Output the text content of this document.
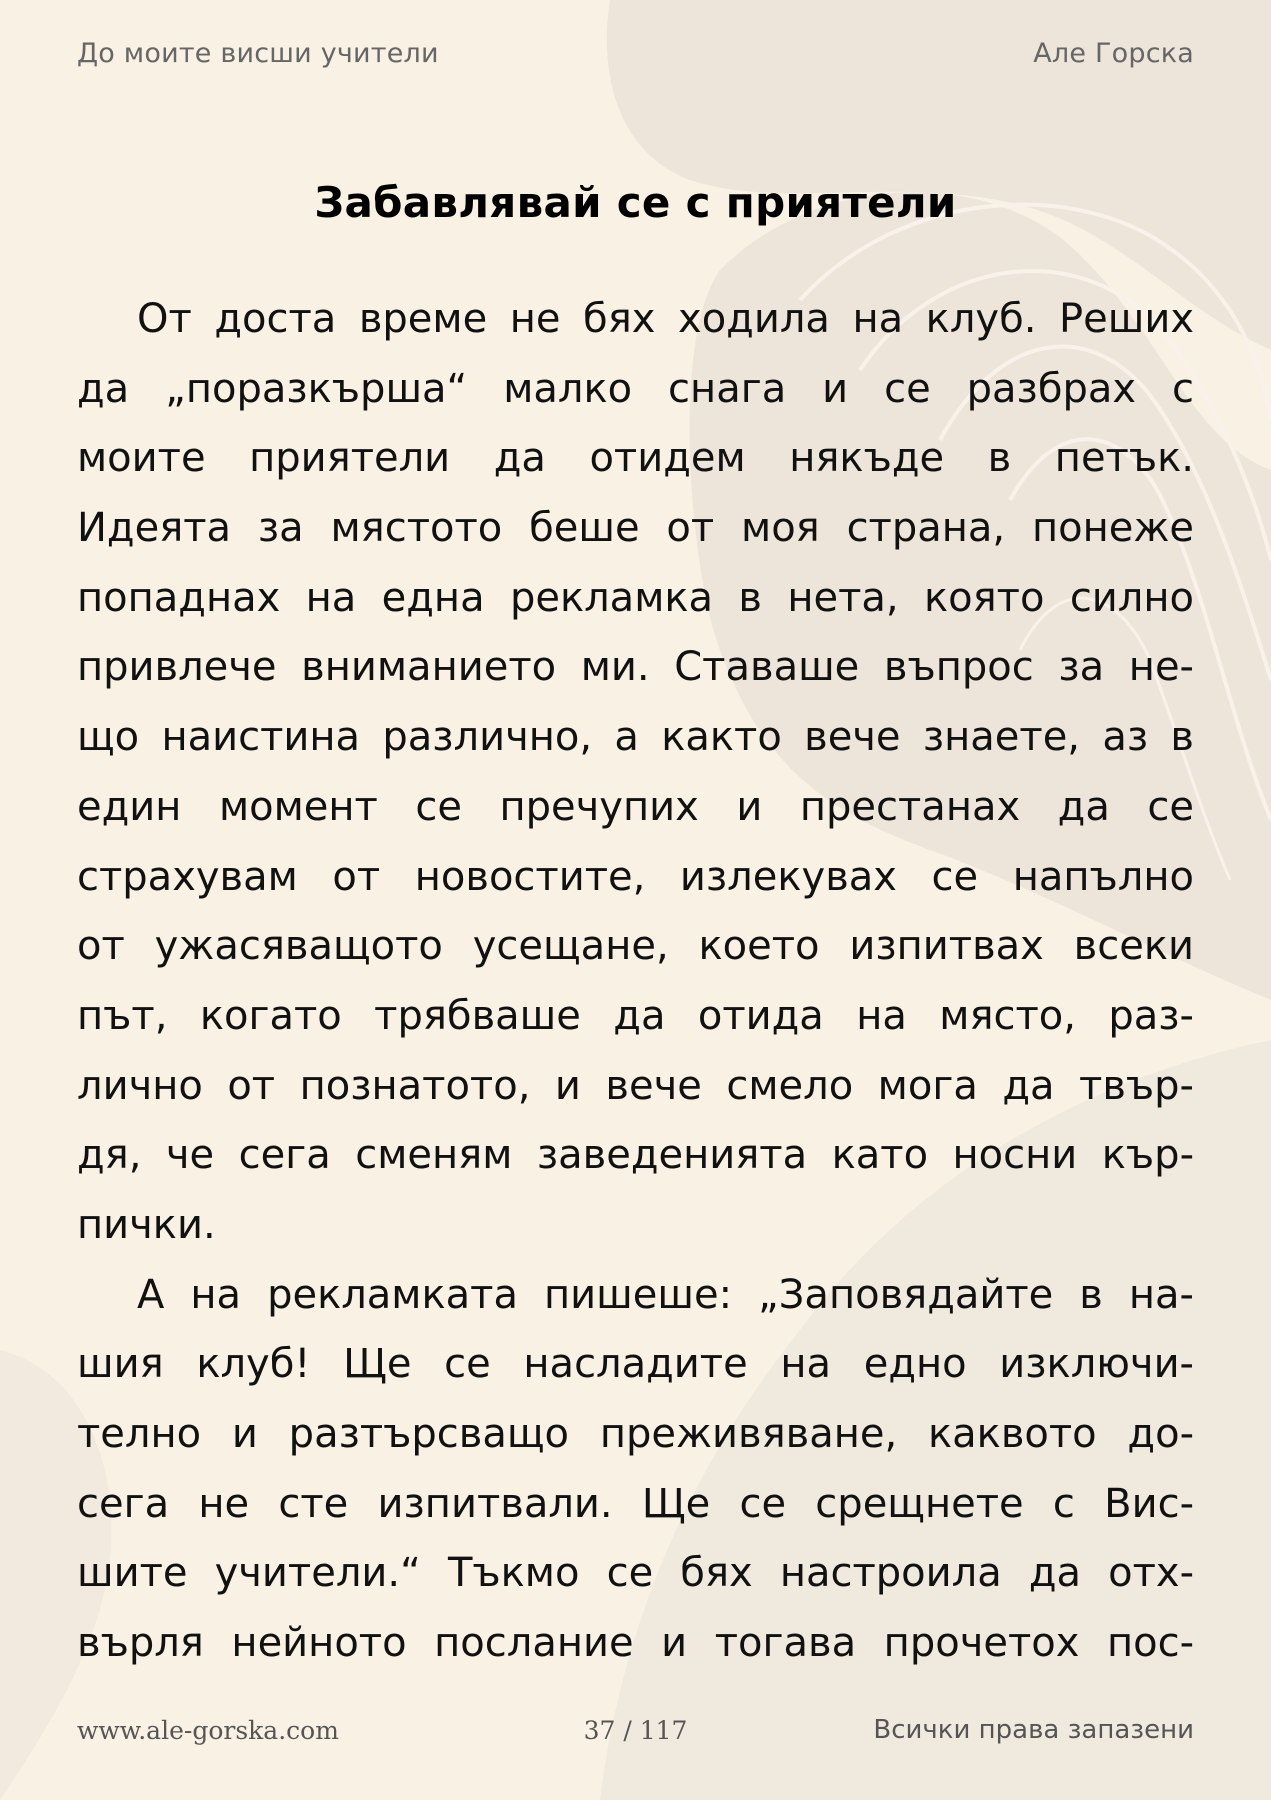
До моите висши учители	Але Горска
Забавлявай се с приятели
От доста време не бях ходила на клуб. Реших
да „поразкърша“ малко снага и се разбрах с
моите приятели да отидем някъде в петък.
Идеята за мястото беше от моя страна, понеже
попаднах на една рекламка в нета, която силно
привлече вниманието ми. Ставаше въпрос за не-
що наистина различно, а както вече знаете, аз в
един момент се пречупих и престанах да се
страхувам от новостите, излекувах се напълно
от ужасяващото усещане, което изпитвах всеки
път, когато трябваше да отида на място, раз-
лично от познатото, и вече смело мога да твър-
дя, че сега сменям заведенията като носни кър-
пички.
А на рекламката пишеше: „Заповядайте в на-
шия клуб! Ще се насладите на едно изключи-
телно и разтърсващо преживяване, каквото до-
сега не сте изпитвали. Ще се срещнете с Вис-
шите учители.“ Тъкмо се бях настроила да отх-
върля нейното послание и тогава прочетох пос-
www.ale-gorska.com	37 / 117	Всички права запазени
